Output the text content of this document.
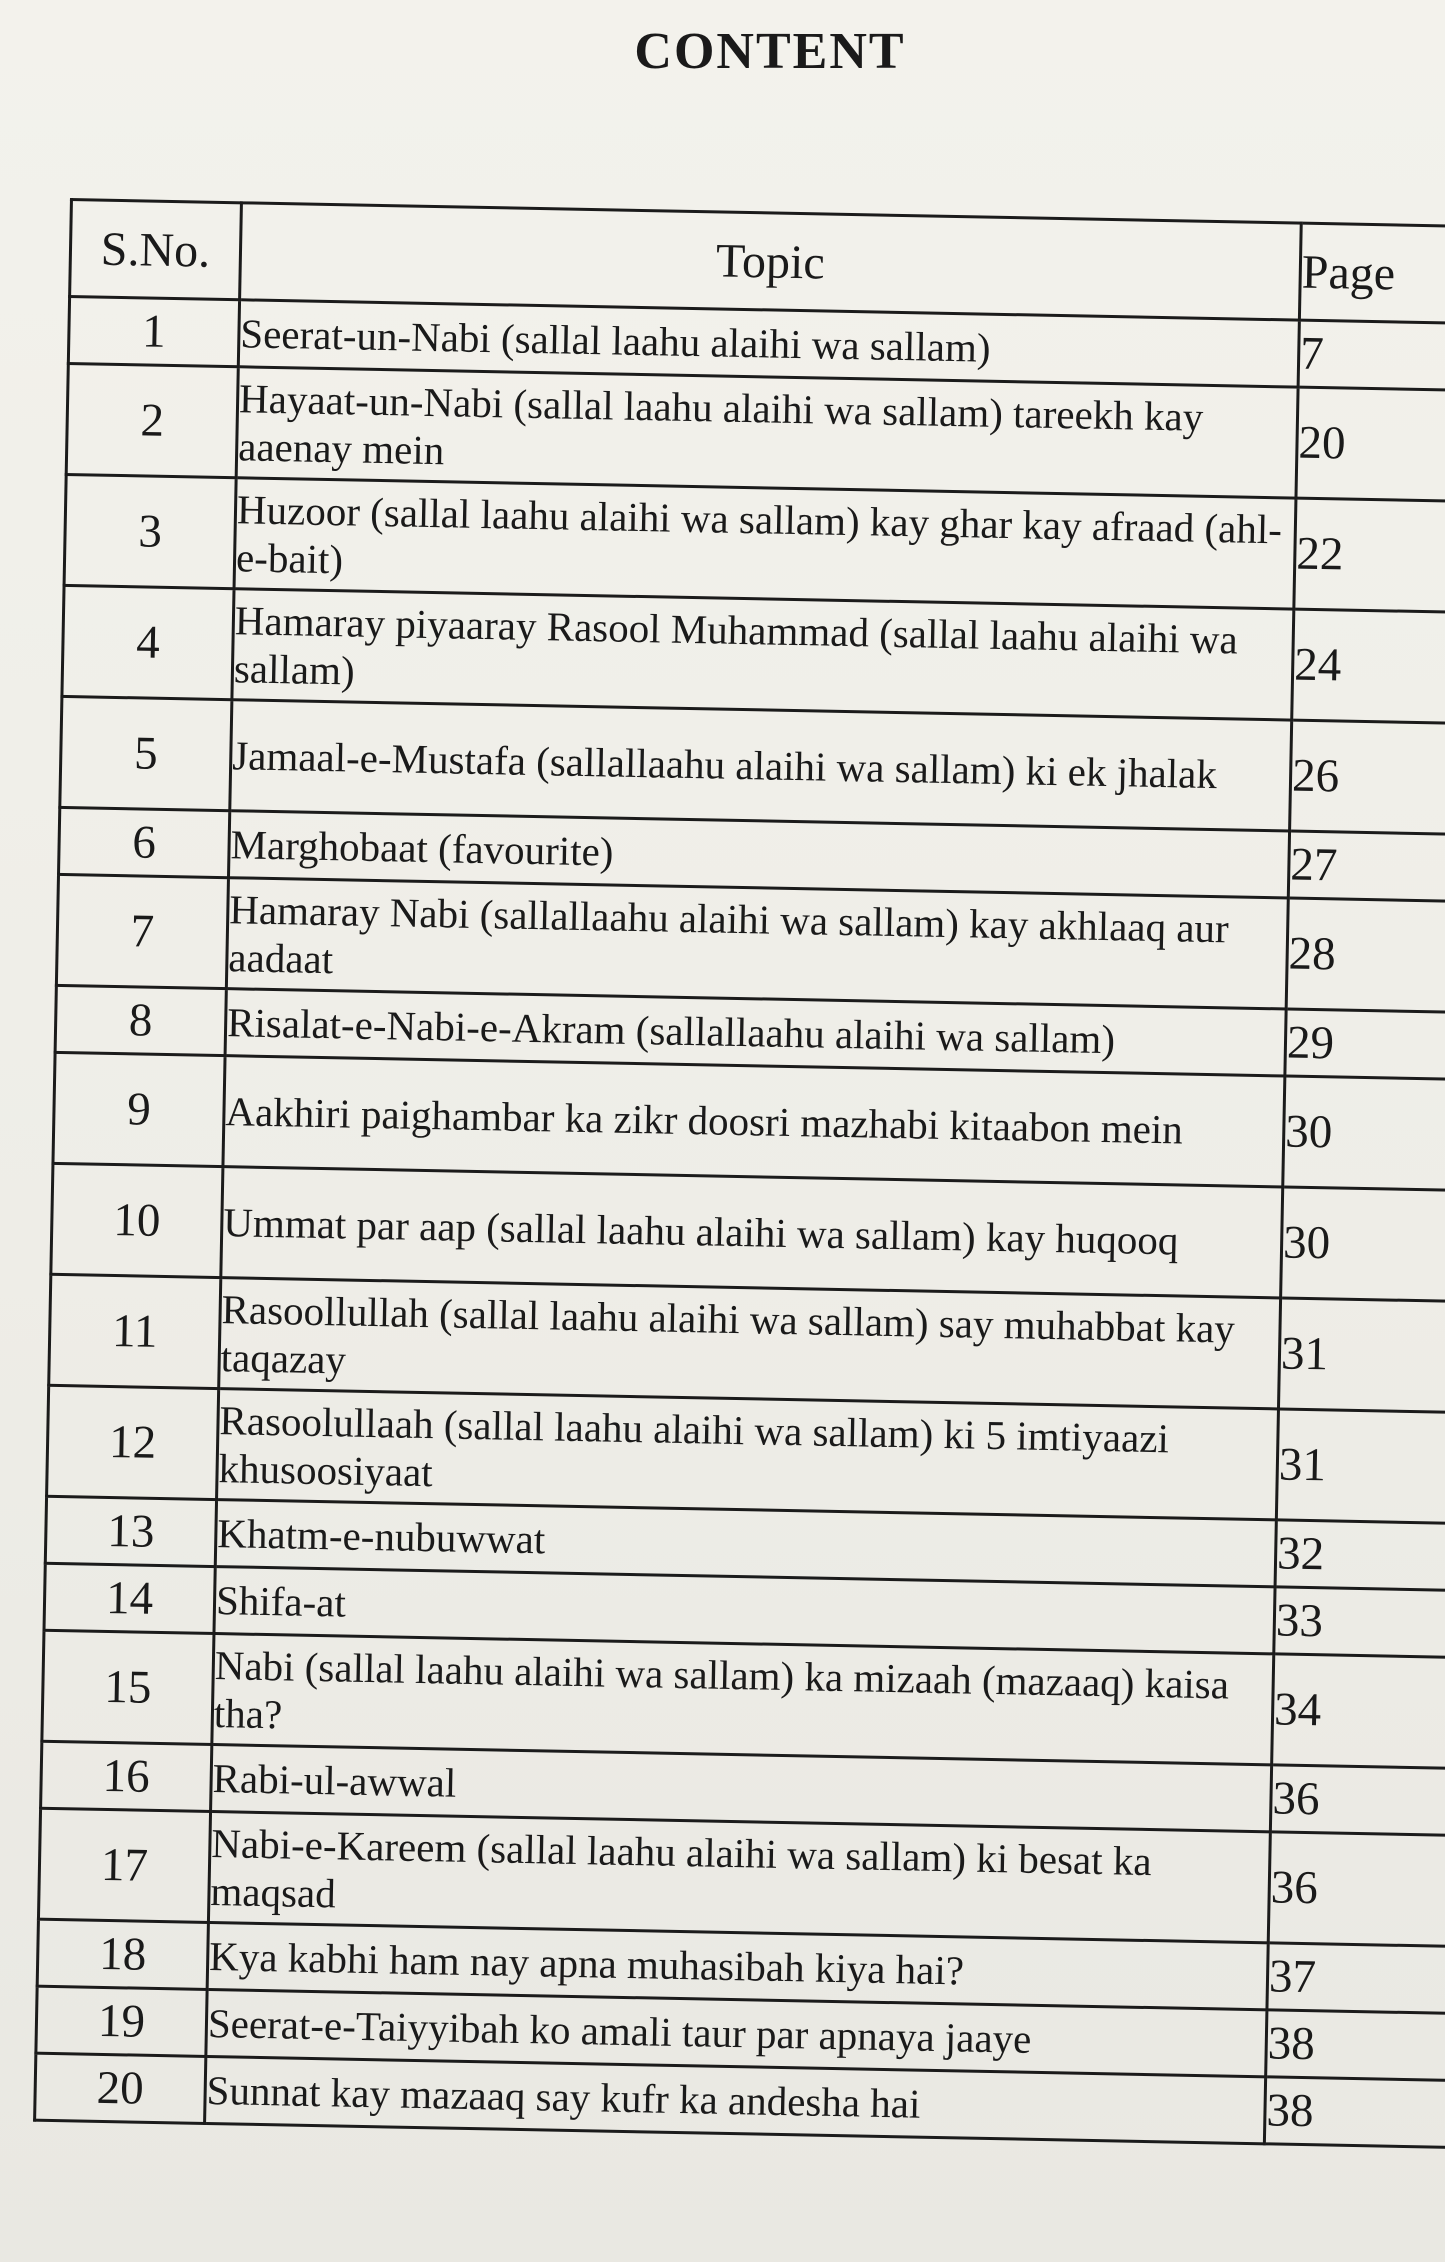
CONTENT
S.No.	Topic	Page
1	Seerat-un-Nabi (sallal laahu alaihi wa sallam)	7
2	Hayaat-un-Nabi (sallal laahu alaihi wa sallam) tareekh kay aaenay mein	20
3	Huzoor (sallal laahu alaihi wa sallam) kay ghar kay afraad (ahl-e-bait)	22
4	Hamaray piyaaray Rasool Muhammad (sallal laahu alaihi wa sallam)	24
5	Jamaal-e-Mustafa (sallallaahu alaihi wa sallam) ki ek jhalak	26
6	Marghobaat (favourite)	27
7	Hamaray Nabi (sallallaahu alaihi wa sallam) kay akhlaaq aur aadaat	28
8	Risalat-e-Nabi-e-Akram (sallallaahu alaihi wa sallam)	29
9	Aakhiri paighambar ka zikr doosri mazhabi kitaabon mein	30
10	Ummat par aap (sallal laahu alaihi wa sallam) kay huqooq	30
11	Rasoollullah (sallal laahu alaihi wa sallam) say muhabbat kay taqazay	31
12	Rasoolullaah (sallal laahu alaihi wa sallam) ki 5 imtiyaazi khusoosiyaat	31
13	Khatm-e-nubuwwat	32
14	Shifa-at	33
15	Nabi (sallal laahu alaihi wa sallam) ka mizaah (mazaaq) kaisa tha?	34
16	Rabi-ul-awwal	36
17	Nabi-e-Kareem (sallal laahu alaihi wa sallam) ki besat ka maqsad	36
18	Kya kabhi ham nay apna muhasibah kiya hai?	37
19	Seerat-e-Taiyyibah ko amali taur par apnaya jaaye	38
20	Sunnat kay mazaaq say kufr ka andesha hai	38
